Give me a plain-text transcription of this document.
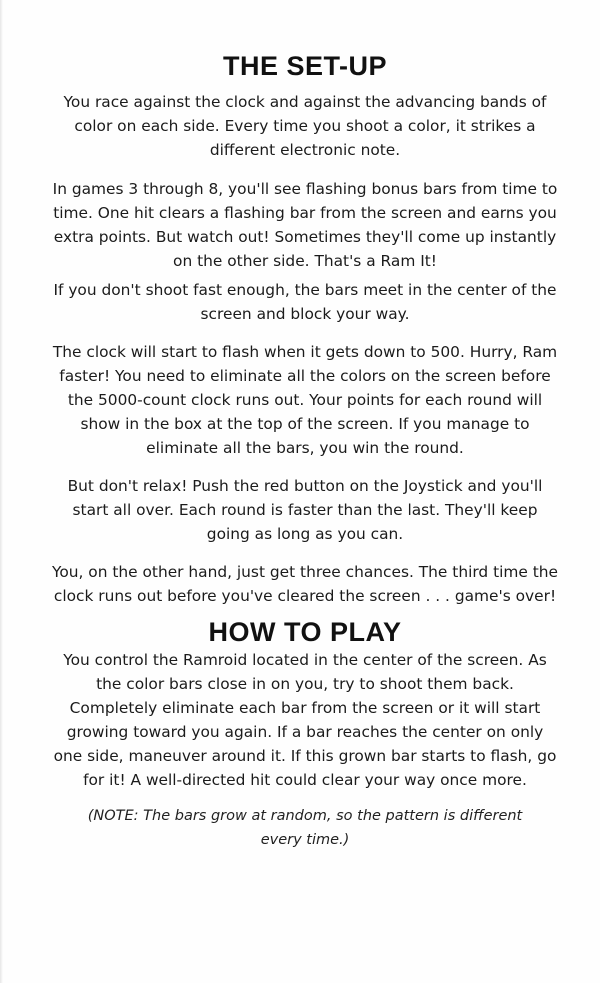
THE SET-UP

You race against the clock and against the advancing bands of color on each side. Every time you shoot a color, it strikes a different electronic note.

In games 3 through 8, you'll see flashing bonus bars from time to time. One hit clears a flashing bar from the screen and earns you extra points. But watch out! Sometimes they'll come up instantly on the other side. That's a Ram It!

If you don't shoot fast enough, the bars meet in the center of the screen and block your way.

The clock will start to flash when it gets down to 500. Hurry, Ram faster! You need to eliminate all the colors on the screen before the 5000-count clock runs out. Your points for each round will show in the box at the top of the screen. If you manage to eliminate all the bars, you win the round.

But don't relax! Push the red button on the Joystick and you'll start all over. Each round is faster than the last. They'll keep going as long as you can.

You, on the other hand, just get three chances. The third time the clock runs out before you've cleared the screen . . . game's over!

HOW TO PLAY

You control the Ramroid located in the center of the screen. As the color bars close in on you, try to shoot them back. Completely eliminate each bar from the screen or it will start growing toward you again. If a bar reaches the center on only one side, maneuver around it. If this grown bar starts to flash, go for it! A well-directed hit could clear your way once more.

(NOTE: The bars grow at random, so the pattern is different every time.)
